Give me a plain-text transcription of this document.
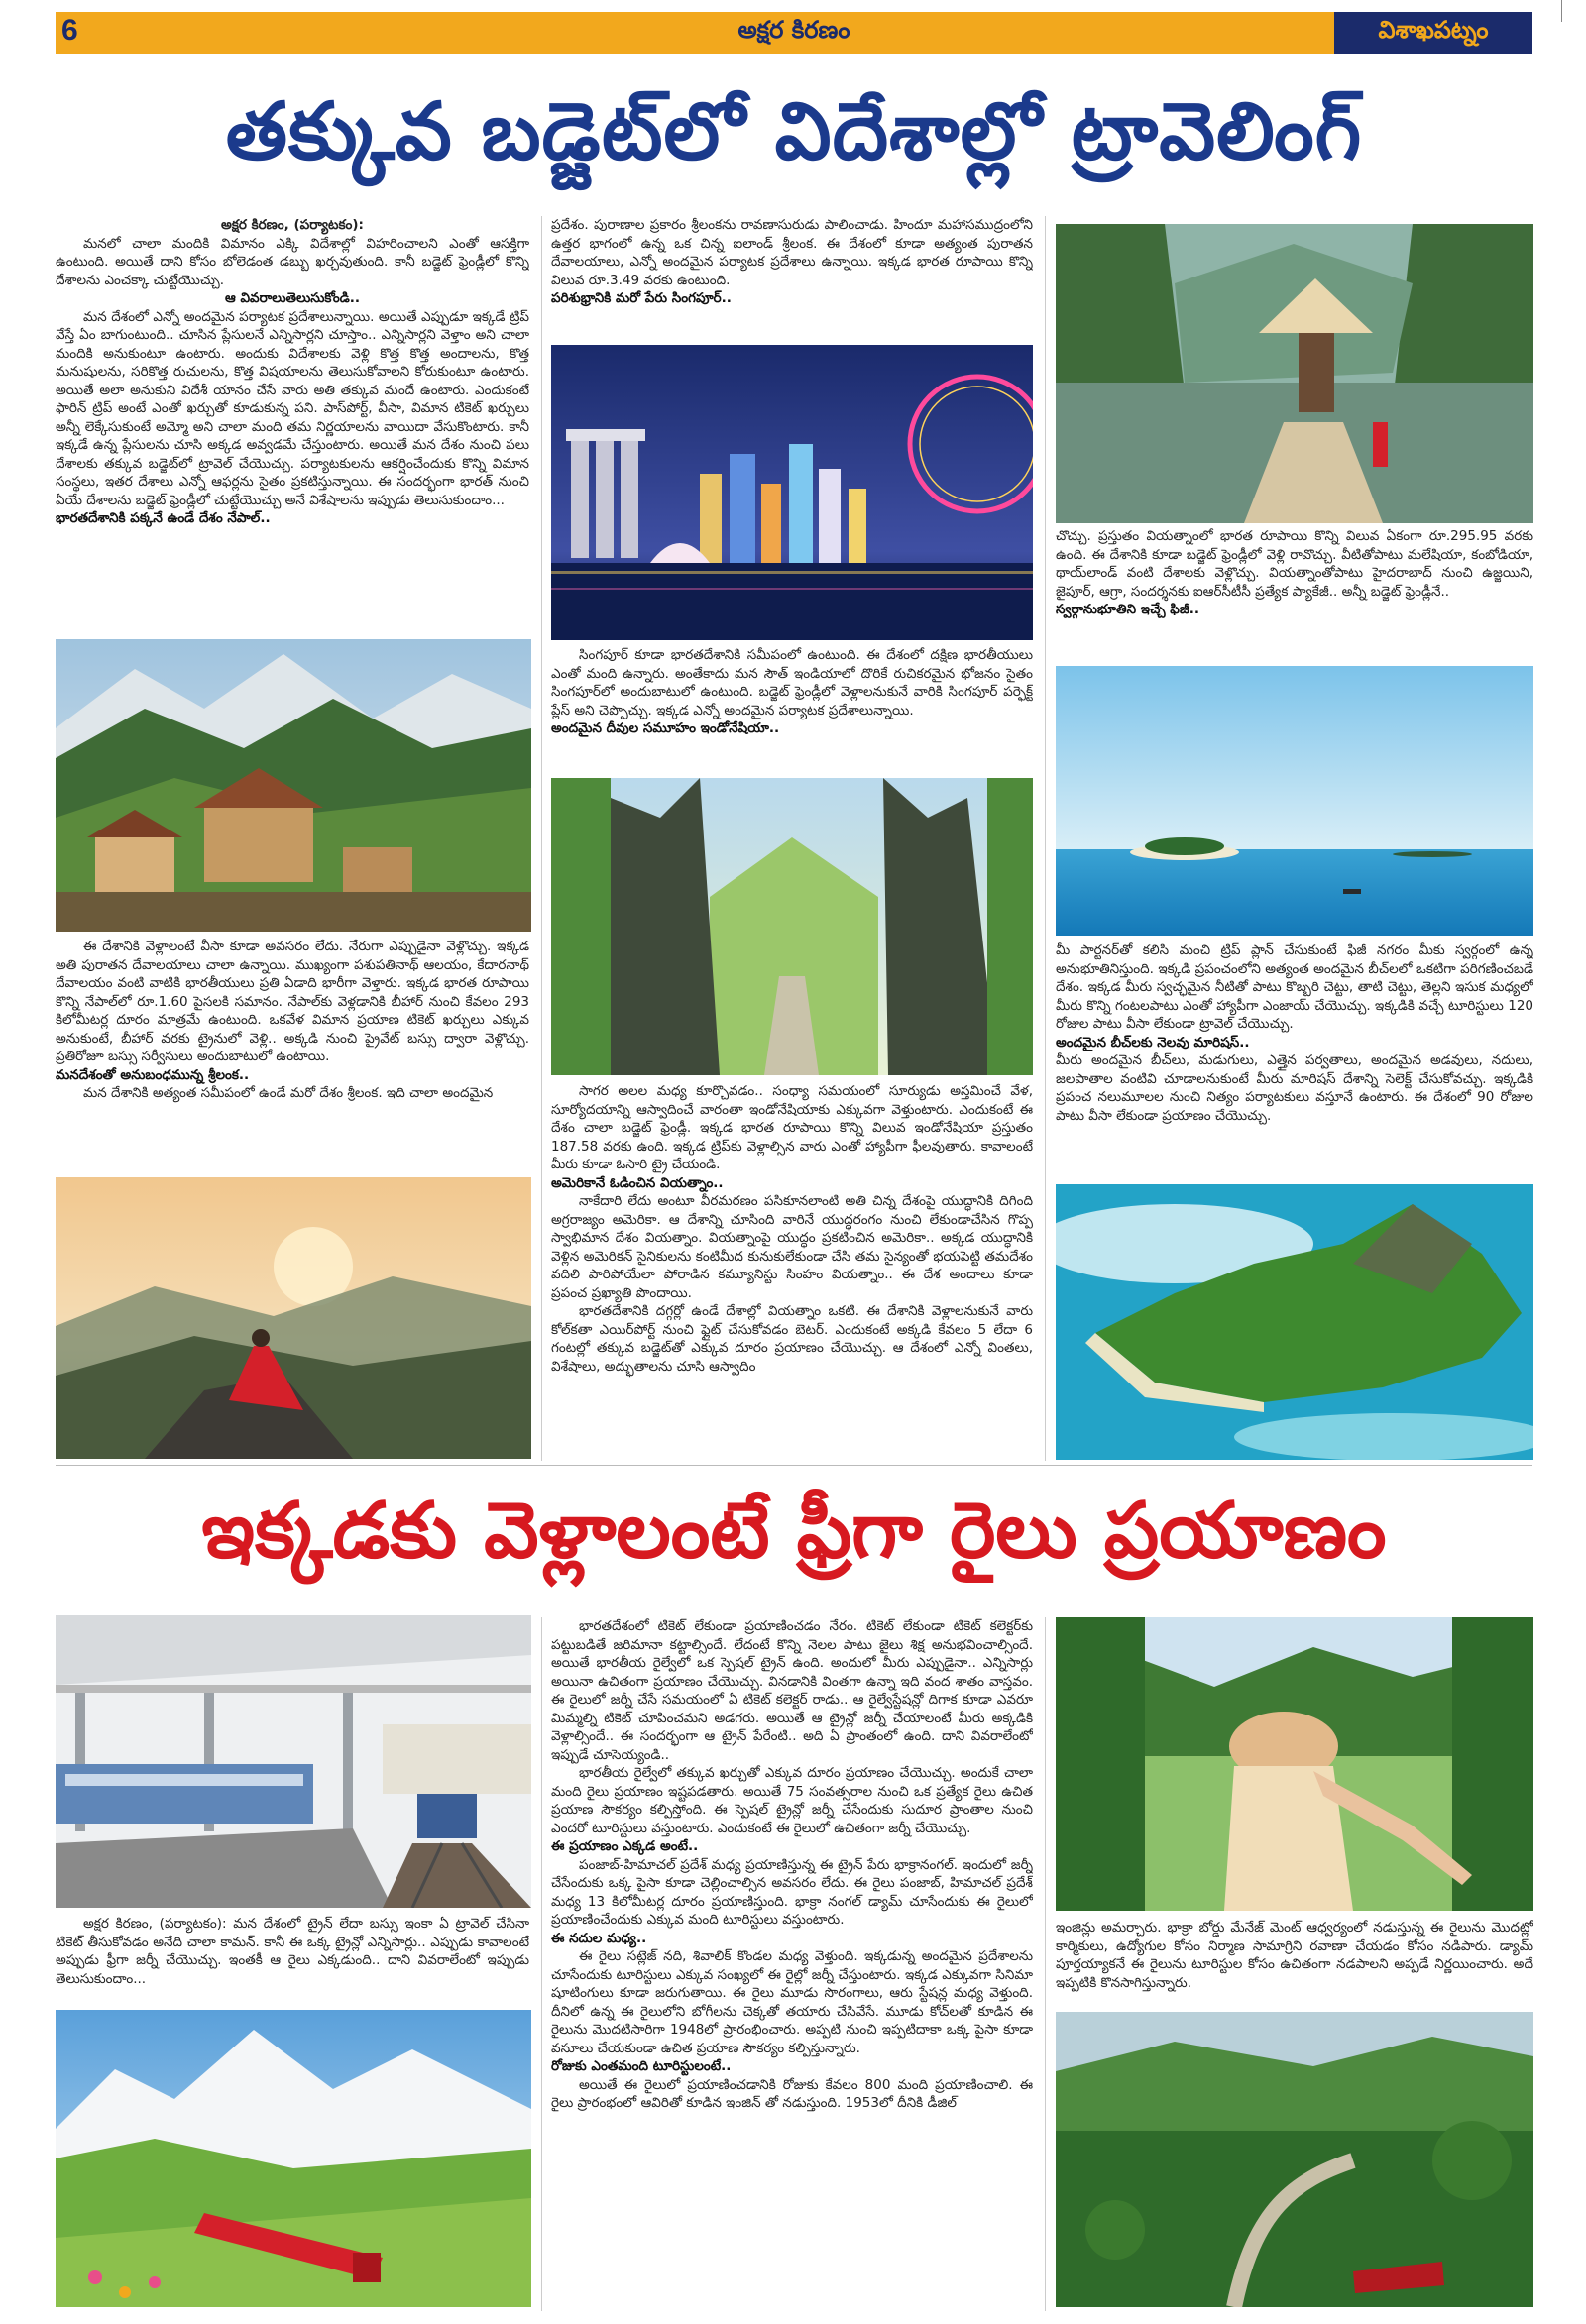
6	అక్షర కిరణం	విశాఖపట్నం
తక్కువ బడ్జెట్‌లో విదేశాల్లో ట్రావెలింగ్

అక్షర కిరణం, (పర్యాటకం):

మనలో చాలా మందికి విమానం ఎక్కి విదేశాల్లో విహరించాలని ఎంతో ఆసక్తిగా ఉంటుంది. అయితే దాని కోసం బోలెడంత డబ్బు ఖర్చవుతుంది. కానీ బడ్జెట్ ఫ్రెండ్లీలో కొన్ని దేశాలను ఎంచక్కా చుట్టేయొచ్చు.

ఆ వివరాలుతెలుసుకోండి..

మన దేశంలో ఎన్నో అందమైన పర్యాటక ప్రదేశాలున్నాయి. అయితే ఎప్పుడూ ఇక్కడే ట్రిప్ వేస్తే ఏం బాగుంటుంది.. చూసిన ప్లేసులనే ఎన్నిసార్లని చూస్తాం.. ఎన్నిసార్లని వెళ్తాం అని చాలా మందికి అనుకుంటూ ఉంటారు. అందుకు విదేశాలకు వెళ్లి కొత్త కొత్త అందాలను, కొత్త మనుషులను, సరికొత్త రుచులను, కొత్త విషయాలను తెలుసుకోవాలని కోరుకుంటూ ఉంటారు. అయితే అలా అనుకుని విదేశీ యానం చేసే వారు అతి తక్కువ మందే ఉంటారు. ఎందుకంటే ఫారిన్ ట్రిప్ అంటే ఎంతో ఖర్చుతో కూడుకున్న పని. పాస్‌పోర్ట్, వీసా, విమాన టికెట్ ఖర్చులు అన్నీ లెక్కేసుకుంటే అమ్మో అని చాలా మంది తమ నిర్ణయాలను వాయిదా వేసుకొంటారు. కానీ ఇక్కడే ఉన్న ప్లేసులను చూసి అక్కడ అవ్వడమే చేస్తుంటారు. అయితే మన దేశం నుంచి పలు దేశాలకు తక్కువ బడ్జెట్‌లో ట్రావెల్ చేయొచ్చు. పర్యాటకులను ఆకర్షించేందుకు కొన్ని విమాన సంస్థలు, ఇతర దేశాలు ఎన్నో ఆఫర్లను సైతం ప్రకటిస్తున్నాయి. ఈ సందర్భంగా భారత్ నుంచి ఏయే దేశాలను బడ్జెట్ ఫ్రెండ్లీలో చుట్టేయొచ్చు అనే విశేషాలను ఇప్పుడు తెలుసుకుందాం...

భారతదేశానికి పక్కనే ఉండే దేశం నేపాల్..

ఈ దేశానికి వెళ్లాలంటే వీసా కూడా అవసరం లేదు. నేరుగా ఎప్పుడైనా వెళ్లొచ్చు. ఇక్కడ అతి పురాతన దేవాలయాలు చాలా ఉన్నాయి. ముఖ్యంగా పశుపతినాథ్ ఆలయం, కేదారనాథ్ దేవాలయం వంటి వాటికి భారతీయులు ప్రతి ఏడాది భారీగా వెళ్తారు. ఇక్కడ భారత రూపాయి కొన్ని నేపాల్‌లో రూ.1.60 పైసలకి సమానం. నేపాల్‌కు వెళ్లడానికి బీహార్ నుంచి కేవలం 293 కిలోమీటర్ల దూరం మాత్రమే ఉంటుంది. ఒకవేళ విమాన ప్రయాణ టికెట్ ఖర్చులు ఎక్కువ అనుకుంటే, బీహార్ వరకు ట్రైనులో వెళ్లి.. అక్కడి నుంచి ప్రైవేట్ బస్సు ద్వారా వెళ్లొచ్చు. ప్రతిరోజూ బస్సు సర్వీసులు అందుబాటులో ఉంటాయి.

మనదేశంతో అనుబంధమున్న శ్రీలంక..

మన దేశానికి అత్యంత సమీపంలో ఉండే మరో దేశం శ్రీలంక. ఇది చాలా అందమైన

ప్రదేశం. పురాణాల ప్రకారం శ్రీలంకను రావణాసురుడు పాలించాడు. హిందూ మహాసముద్రంలోని ఉత్తర భాగంలో ఉన్న ఒక చిన్న ఐలాండ్ శ్రీలంక. ఈ దేశంలో కూడా అత్యంత పురాతన దేవాలయాలు, ఎన్నో అందమైన పర్యాటక ప్రదేశాలు ఉన్నాయి. ఇక్కడ భారత రూపాయి కొన్ని విలువ రూ.3.49 వరకు ఉంటుంది.

పరిశుభ్రానికి మరో పేరు సింగపూర్..

సింగపూర్ కూడా భారతదేశానికి సమీపంలో ఉంటుంది. ఈ దేశంలో దక్షిణ భారతీయులు ఎంతో మంది ఉన్నారు. అంతేకాదు మన సౌత్ ఇండియాలో దొరికే రుచికరమైన భోజనం సైతం సింగపూర్‌లో అందుబాటులో ఉంటుంది. బడ్జెట్ ఫ్రెండ్లీలో వెళ్లాలనుకునే వారికి సింగపూర్ పర్ఫెక్ట్ ప్లేస్ అని చెప్పొచ్చు. ఇక్కడ ఎన్నో అందమైన పర్యాటక ప్రదేశాలున్నాయి.

అందమైన దీవుల సమూహం ఇండోనేషియా..

సాగర అలల మధ్య కూర్చొవడం.. సంధ్యా సమయంలో సూర్యుడు అస్తమించే వేళ, సూర్యోదయాన్ని ఆస్వాదించే వారంతా ఇండోనేషియాకు ఎక్కువగా వెళ్తుంటారు. ఎందుకంటే ఈ దేశం చాలా బడ్జెట్ ఫ్రెండ్లీ. ఇక్కడ భారత రూపాయి కొన్ని విలువ ఇండోనేషియా ప్రస్తుతం 187.58 వరకు ఉంది. ఇక్కడ ట్రిప్‌కు వెళ్లాల్సిన వారు ఎంతో హ్యాపీగా ఫీలవుతారు. కావాలంటే మీరు కూడా ఓసారి ట్రై చేయండి.

అమెరికానే ఓడించిన వియత్నాం..

నాకేదారి లేదు అంటూ వీరమరణం పసికూనలాంటి అతి చిన్న దేశంపై యుద్ధానికి దిగింది అగ్రరాజ్యం అమెరికా. ఆ దేశాన్ని చూసింది వారినే యుద్ధరంగం నుంచి లేకుండాచేసిన గొప్ప స్వాభిమాన దేశం వియత్నాం. వియత్నాంపై యుద్ధం ప్రకటించిన అమెరికా.. అక్కడ యుద్ధానికి వెళ్లిన అమెరికన్ సైనికులను కంటిమీద కునుకులేకుండా చేసి తమ సైన్యంతో భయపెట్టి తమదేశం వదిలి పారిపోయేలా పోరాడిన కమ్యూనిస్టు సింహం వియత్నాం.. ఈ దేశ అందాలు కూడా ప్రపంచ ప్రఖ్యాతి పొందాయి.

భారతదేశానికి దగ్గర్లో ఉండే దేశాల్లో వియత్నాం ఒకటి. ఈ దేశానికి వెళ్లాలనుకునే వారు కోల్‌కతా ఎయిర్‌పోర్ట్ నుంచి ఫ్లైట్ చేసుకోవడం బెటర్. ఎందుకంటే అక్కడి కేవలం 5 లేదా 6 గంటల్లో తక్కువ బడ్జెట్‌తో ఎక్కువ దూరం ప్రయాణం చేయొచ్చు. ఆ దేశంలో ఎన్నో వింతలు, విశేషాలు, అద్భుతాలను చూసి ఆస్వాదిం

చొచ్చు. ప్రస్తుతం వియత్నాంలో భారత రూపాయి కొన్ని విలువ ఏకంగా రూ.295.95 వరకు ఉంది. ఈ దేశానికి కూడా బడ్జెట్ ఫ్రెండ్లీలో వెళ్లి రావొచ్చు. వీటితోపాటు మలేషియా, కంబోడియా, థాయ్‌లాండ్ వంటి దేశాలకు వెళ్లొచ్చు. వియత్నాంతోపాటు హైదరాబాద్ నుంచి ఉజ్జయిని, జైపూర్, ఆగ్రా, సందర్శనకు ఐఆర్‌సీటీసీ ప్రత్యేక ప్యాకేజీ.. అన్నీ బడ్జెట్ ఫ్రెండ్లీనే..

స్వర్గానుభూతిని ఇచ్చే ఫిజీ..

మీ పార్టనర్‌తో కలిసి మంచి ట్రిప్ ప్లాన్ చేసుకుంటే ఫిజీ నగరం మీకు స్వర్గంలో ఉన్న అనుభూతినిస్తుంది. ఇక్కడి ప్రపంచంలోని అత్యంత అందమైన బీచ్‌లలో ఒకటిగా పరిగణించబడే దేశం. ఇక్కడ మీరు స్వచ్ఛమైన నీటితో పాటు కొబ్బరి చెట్టు, తాటి చెట్టు, తెల్లని ఇసుక మధ్యలో మీరు కొన్ని గంటలపాటు ఎంతో హ్యాపీగా ఎంజాయ్ చేయొచ్చు. ఇక్కడికి వచ్చే టూరిస్టులు 120 రోజుల పాటు వీసా లేకుండా ట్రావెల్ చేయొచ్చు.

అందమైన బీచ్‌లకు నెలవు మారిషస్..

మీరు అందమైన బీచ్‌లు, మడుగులు, ఎత్తైన పర్వతాలు, అందమైన అడవులు, నదులు, జలపాతాల వంటివి చూడాలనుకుంటే మీరు మారిషస్ దేశాన్ని సెలెక్ట్ చేసుకోవచ్చు. ఇక్కడికి ప్రపంచ నలుమూలల నుంచి నిత్యం పర్యాటకులు వస్తూనే ఉంటారు. ఈ దేశంలో 90 రోజుల పాటు వీసా లేకుండా ప్రయాణం చేయొచ్చు.

ఇక్కడకు వెళ్లాలంటే ఫ్రీగా రైలు ప్రయాణం

అక్షర కిరణం, (పర్యాటకం): మన దేశంలో ట్రైన్ లేదా బస్సు ఇంకా ఏ ట్రావెల్ చేసినా టికెట్ తీసుకోవడం అనేది చాలా కామన్. కానీ ఈ ఒక్క ట్రైన్లో ఎన్నిసార్లు.. ఎప్పుడు కావాలంటే అప్పుడు ఫ్రీగా జర్నీ చేయొచ్చు. ఇంతకీ ఆ రైలు ఎక్కడుంది.. దాని వివరాలేంటో ఇప్పుడు తెలుసుకుందాం...

భారతదేశంలో టికెట్ లేకుండా ప్రయాణించడం నేరం. టికెట్ లేకుండా టికెట్ కలెక్టర్‌కు పట్టుబడితే జరిమానా కట్టాల్సిందే. లేదంటే కొన్ని నెలల పాటు జైలు శిక్ష అనుభవించాల్సిందే. అయితే భారతీయ రైల్వేలో ఒక స్పెషల్ ట్రైన్ ఉంది. అందులో మీరు ఎప్పుడైనా.. ఎన్నిసార్లు అయినా ఉచితంగా ప్రయాణం చేయొచ్చు. వినడానికి వింతగా ఉన్నా ఇది వంద శాతం వాస్తవం. ఈ రైలులో జర్నీ చేసే సమయంలో ఏ టికెట్ కలెక్టర్ రాడు.. ఆ రైల్వేస్టేషన్లో దిగాక కూడా ఎవరూ మిమ్మల్ని టికెట్ చూపించమని అడగరు. అయితే ఆ ట్రైన్లో జర్నీ చేయాలంటే మీరు అక్కడికి వెళ్లాల్సిందే.. ఈ సందర్భంగా ఆ ట్రైన్ పేరేంటి.. అది ఏ ప్రాంతంలో ఉంది. దాని వివరాలేంటో ఇప్పుడే చూసెయ్యండి..

భారతీయ రైల్వేలో తక్కువ ఖర్చుతో ఎక్కువ దూరం ప్రయాణం చేయొచ్చు. అందుకే చాలా మంది రైలు ప్రయాణం ఇష్టపడతారు. అయితే 75 సంవత్సరాల నుంచి ఒక ప్రత్యేక రైలు ఉచిత ప్రయాణ సౌకర్యం కల్పిస్తోంది. ఈ స్పెషల్ ట్రైన్లో జర్నీ చేసేందుకు సుదూర ప్రాంతాల నుంచి ఎందరో టూరిస్టులు వస్తుంటారు. ఎందుకంటే ఈ రైలులో ఉచితంగా జర్నీ చేయొచ్చు.

ఈ ప్రయాణం ఎక్కడ అంటే..

పంజాబ్-హిమాచల్ ప్రదేశ్ మధ్య ప్రయాణిస్తున్న ఈ ట్రైన్ పేరు భాక్రానంగల్. ఇందులో జర్నీ చేసేందుకు ఒక్క పైసా కూడా చెల్లించాల్సిన అవసరం లేదు. ఈ రైలు పంజాబ్, హిమాచల్ ప్రదేశ్ మధ్య 13 కిలోమీటర్ల దూరం ప్రయాణిస్తుంది. భాక్రా నంగల్ డ్యామ్ చూసేందుకు ఈ రైలులో ప్రయాణించేందుకు ఎక్కువ మంది టూరిస్టులు వస్తుంటారు.

ఈ నదుల మధ్య..

ఈ రైలు సట్లెజ్ నది, శివాలిక్ కొండల మధ్య వెళ్తుంది. ఇక్కడున్న అందమైన ప్రదేశాలను చూసేందుకు టూరిస్టులు ఎక్కువ సంఖ్యలో ఈ రైల్లో జర్నీ చేస్తుంటారు. ఇక్కడ ఎక్కువగా సినిమా షూటింగులు కూడా జరుగుతాయి. ఈ రైలు మూడు సొరంగాలు, ఆరు స్టేషన్ల మధ్య వెళ్తుంది. దీనిలో ఉన్న ఈ రైలులోని బోగీలను చెక్కతో తయారు చేసివేసే. మూడు కోచ్‌లతో కూడిన ఈ రైలును మొదటిసారిగా 1948లో ప్రారంభించారు. అప్పటి నుంచి ఇప్పటిదాకా ఒక్క పైసా కూడా వసూలు చేయకుండా ఉచిత ప్రయాణ సౌకర్యం కల్పిస్తున్నారు.

రోజుకు ఎంతమంది టూరిస్టులంటే..

అయితే ఈ రైలులో ప్రయాణించడానికి రోజుకు కేవలం 800 మంది ప్రయాణించాలి. ఈ రైలు ప్రారంభంలో ఆవిరితో కూడిన ఇంజిన్ తో నడుస్తుంది. 1953లో దీనికి డీజిల్

ఇంజిన్లు అమర్చారు. భాక్రా బోర్డు మేనేజ్ మెంట్ ఆధ్వర్యంలో నడుస్తున్న ఈ రైలును మొదట్లో కార్మికులు, ఉద్యోగుల కోసం నిర్మాణ సామాగ్రిని రవాణా చేయడం కోసం నడిపారు. డ్యామ్ పూర్తయ్యాకనే ఈ రైలును టూరిస్టుల కోసం ఉచితంగా నడపాలని అప్పడే నిర్ణయించారు. అదే ఇప్పటికి కొనసాగిస్తున్నారు.
